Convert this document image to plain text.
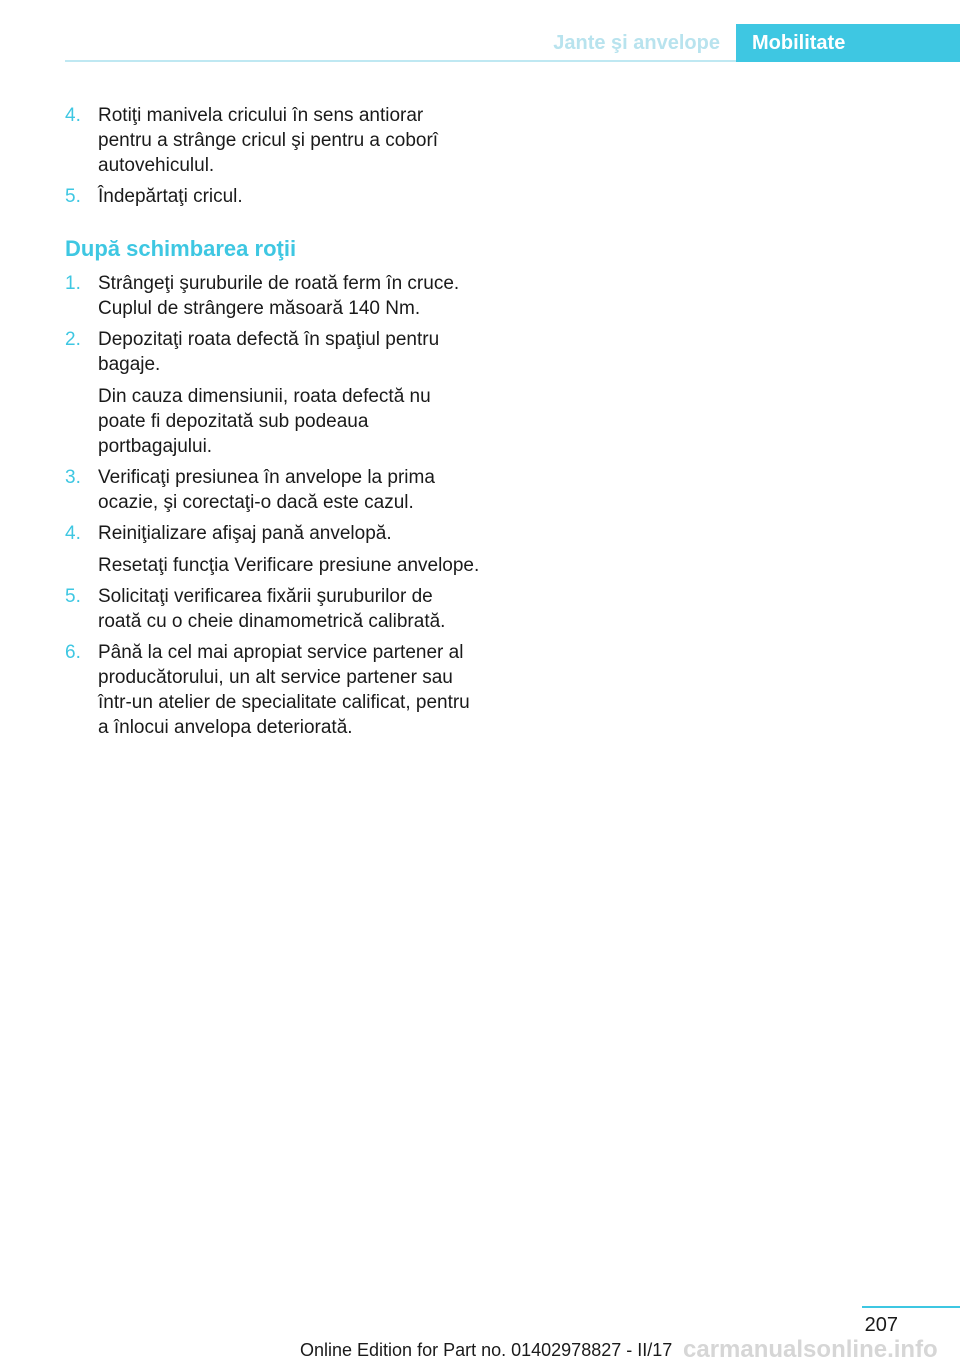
Jante şi anvelope	Mobilitate
4. Rotiţi manivela cricului în sens antiorar pentru a strânge cricul şi pentru a coborî autovehiculul.

5. Îndepărtaţi cricul.

După schimbarea roţii
1. Strângeţi şuruburile de roată ferm în cruce. Cuplul de strângere măsoară 140 Nm.

2. Depozitaţi roata defectă în spaţiul pentru bagaje.

Din cauza dimensiunii, roata defectă nu poate fi depozitată sub podeaua portbagajului.

3. Verificaţi presiunea în anvelope la prima ocazie, şi corectaţi-o dacă este cazul.

4. Reiniţializare afişaj pană anvelopă.

Resetaţi funcţia Verificare presiune anvelope.

5. Solicitaţi verificarea fixării şuruburilor de roată cu o cheie dinamometrică calibrată.

6. Până la cel mai apropiat service partener al producătorului, un alt service partener sau într-un atelier de specialitate calificat, pentru a înlocui anvelopa deteriorată.

207
Online Edition for Part no. 01402978827 - II/17 carmanualsonline.info
